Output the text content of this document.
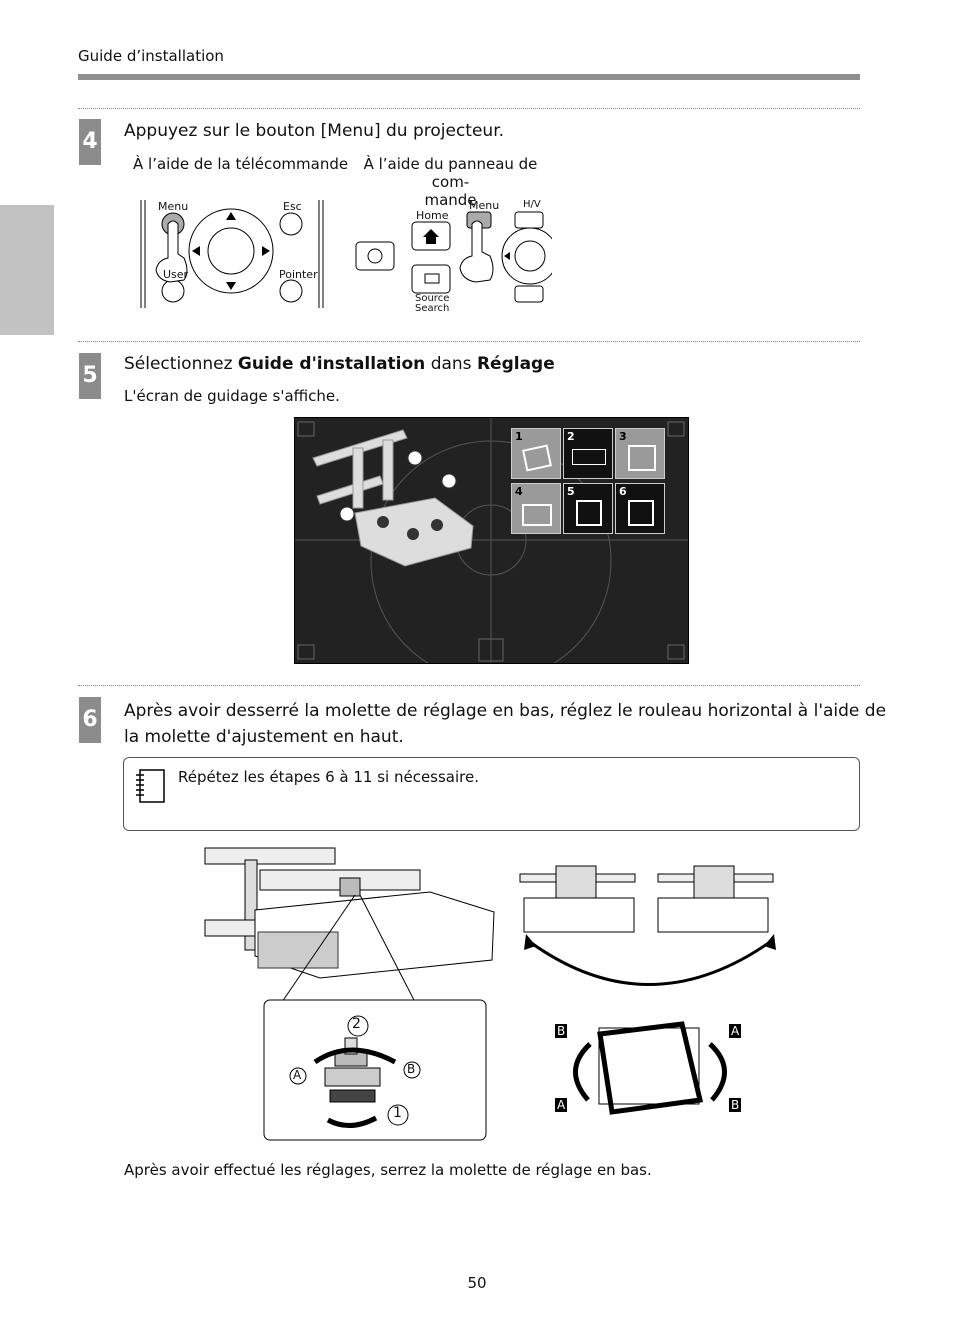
Guide d’installation
4 Appuyez sur le bouton [Menu] du projecteur.
À l’aide de la télécommande	À l’aide du panneau de com-
mande
Menu	Esc
User	Pointer
Home
Menu H/V
Source
Search
5 Sélectionnez Guide d'installation dans Réglage
L'écran de guidage s'affiche.
1	2	3
4	5	6
6 Après avoir desserré la molette de réglage en bas, réglez le rouleau horizontal à l'aide de
la molette d'ajustement en haut.
Répétez les étapes 6 à 11 si nécessaire.
A	B
2
1
B	A
A	B
Après avoir effectué les réglages, serrez la molette de réglage en bas.
50
